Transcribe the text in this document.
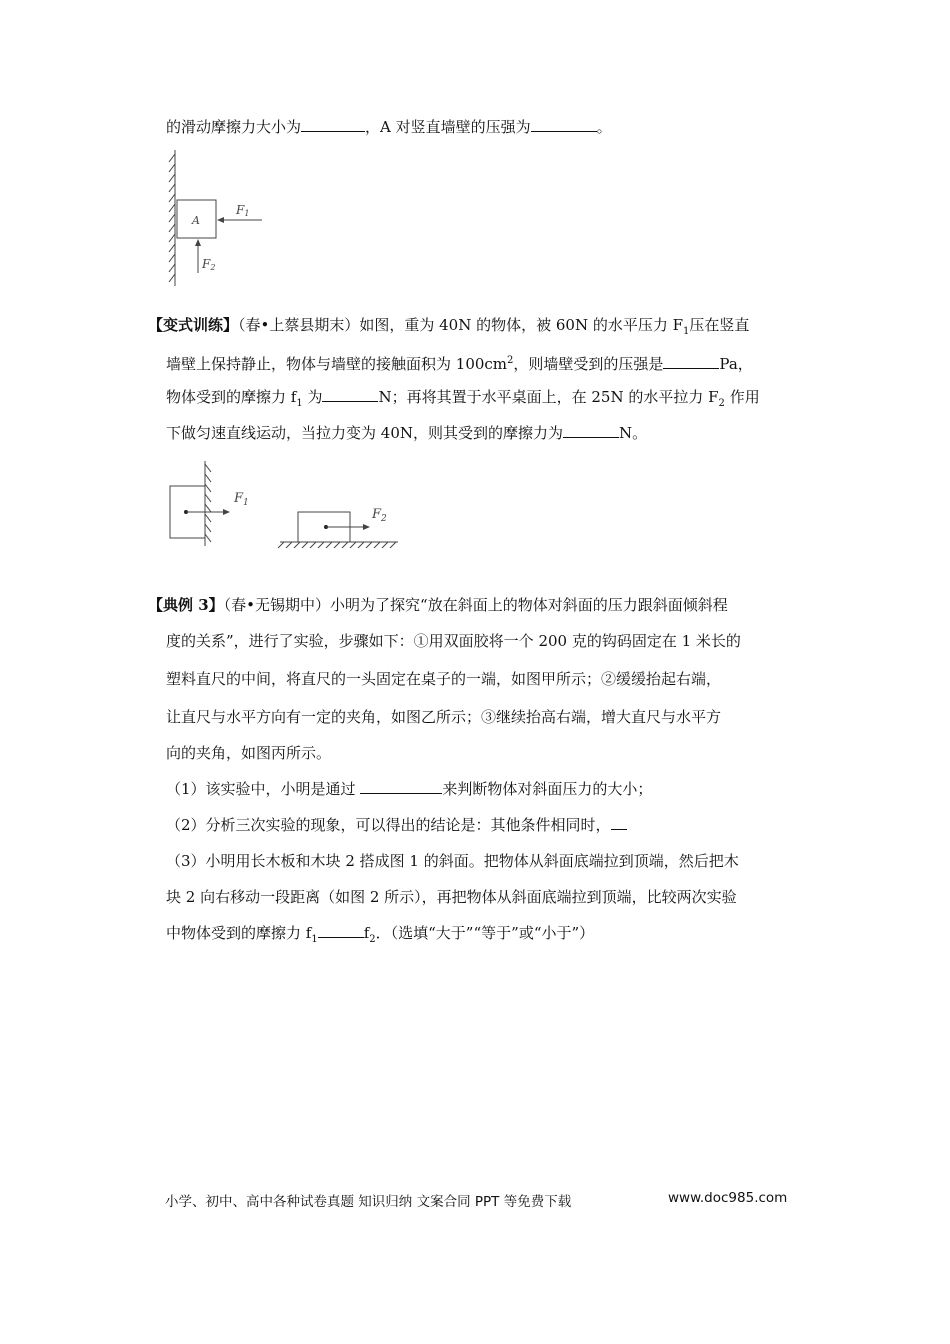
的滑动摩擦力大小为	，A 对竖直墙壁的压强为	。
A
F1
F2
【变式训练】（春•上蔡县期末）如图，重为 40N 的物体，被 60N 的水平压力 $F_1$压在竖直
墙壁上保持静止，物体与墙壁的接触面积为 $100cm^2$，则墙壁受到的压强是	Pa，
物体受到的摩擦力 $f_1$ 为	N；再将其置于水平桌面上，在 25N 的水平拉力 $F_2$ 作用
下做匀速直线运动，当拉力变为 40N，则其受到的摩擦力为	N。
$F_1$
$F_2$
【典例 3】（春•无锡期中）小明为了探究“放在斜面上的物体对斜面的压力跟斜面倾斜程
度的关系”，进行了实验，步骤如下：①用双面胶将一个 200 克的钩码固定在 1 米长的
塑料直尺的中间，将直尺的一头固定在桌子的一端，如图甲所示；②缓缓抬起右端，
让直尺与水平方向有一定的夹角，如图乙所示；③继续抬高右端，增大直尺与水平方
向的夹角，如图丙所示。
（1）该实验中，小明是通过	来判断物体对斜面压力的大小；
（2）分析三次实验的现象，可以得出的结论是：其他条件相同时，
（3）小明用长木板和木块 2 搭成图 1 的斜面。把物体从斜面底端拉到顶端，然后把木
块 2 向右移动一段距离（如图 2 所示），再把物体从斜面底端拉到顶端，比较两次实验
中物体受到的摩擦力 $f_1$	$f_2$．（选填“大于”“等于”或“小于”）
小学、初中、高中各种试卷真题 知识归纳 文案合同 PPT 等免费下载	www.doc985.com
